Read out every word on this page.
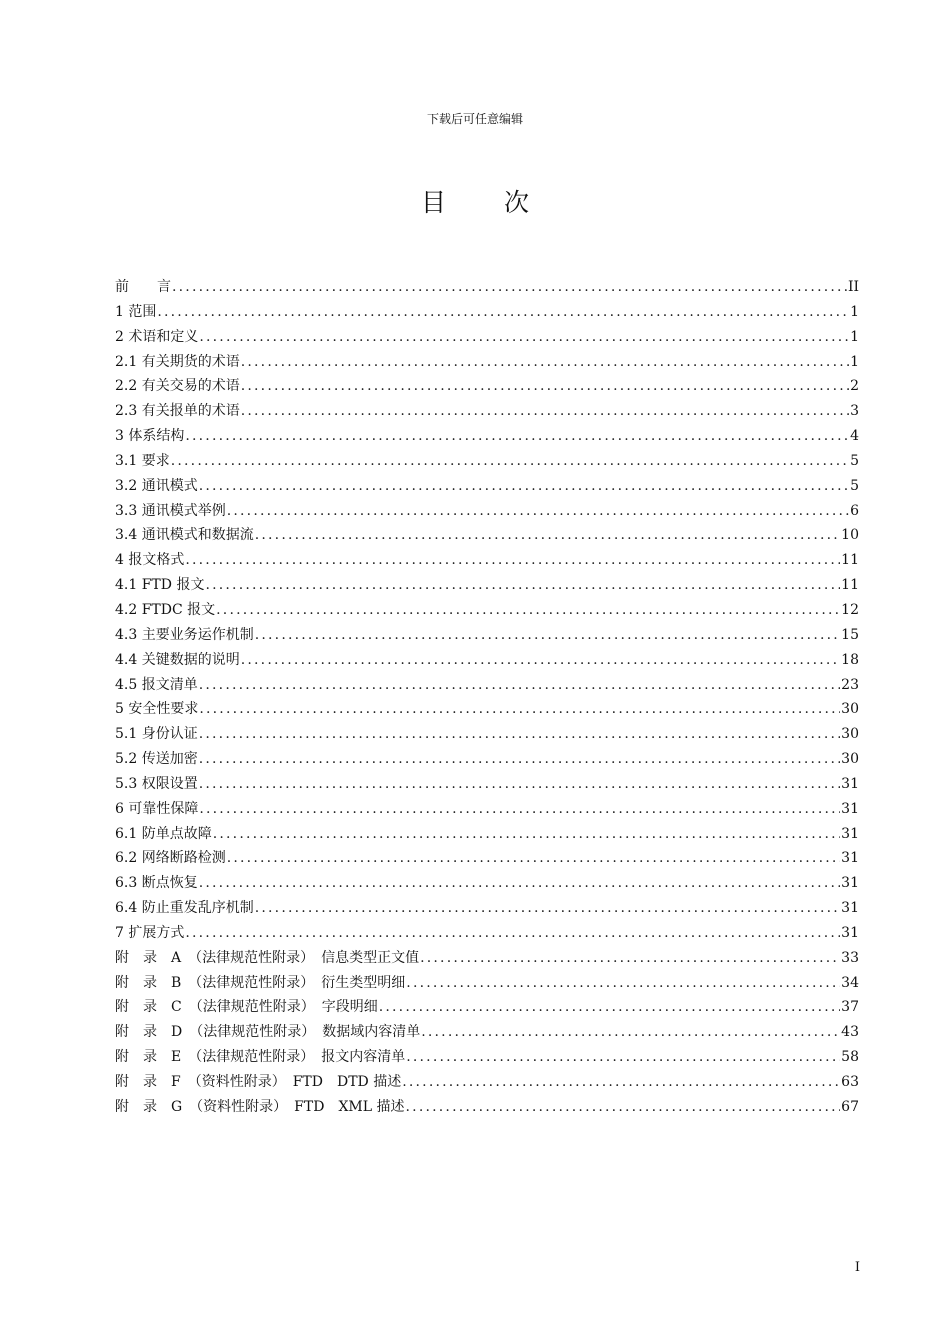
下载后可任意编辑
目 次
前　　言 .....	II
1 范围 .....	1
2 术语和定义 .....	1
2.1 有关期货的术语 .....	1
2.2 有关交易的术语 .....	2
2.3 有关报单的术语 .....	3
3 体系结构 .....	4
3.1 要求 .....	5
3.2 通讯模式 .....	5
3.3 通讯模式举例 .....	6
3.4 通讯模式和数据流 .....	10
4 报文格式 .....	11
4.1 FTD 报文 .....	11
4.2 FTDC 报文 .....	12
4.3 主要业务运作机制 .....	15
4.4 关键数据的说明 .....	18
4.5 报文清单 .....	23
5 安全性要求 .....	30
5.1 身份认证 .....	30
5.2 传送加密 .....	30
5.3 权限设置 .....	31
6 可靠性保障 .....	31
6.1 防单点故障 .....	31
6.2 网络断路检测 .....	31
6.3 断点恢复 .....	31
6.4 防止重发乱序机制 .....	31
7 扩展方式 .....	31
附　录　A　（法律规范性附录）　信息类型正文值 .....	33
附　录　B　（法律规范性附录）　衍生类型明细 .....	34
附　录　C　（法律规范性附录）　字段明细 .....	37
附　录　D　（法律规范性附录）　数据域内容清单 .....	43
附　录　E　（法律规范性附录）　报文内容清单 .....	58
附　录　F　（资料性附录）　FTD　DTD 描述 .....	63
附　录　G　（资料性附录）　FTD　XML 描述 .....	67
I
